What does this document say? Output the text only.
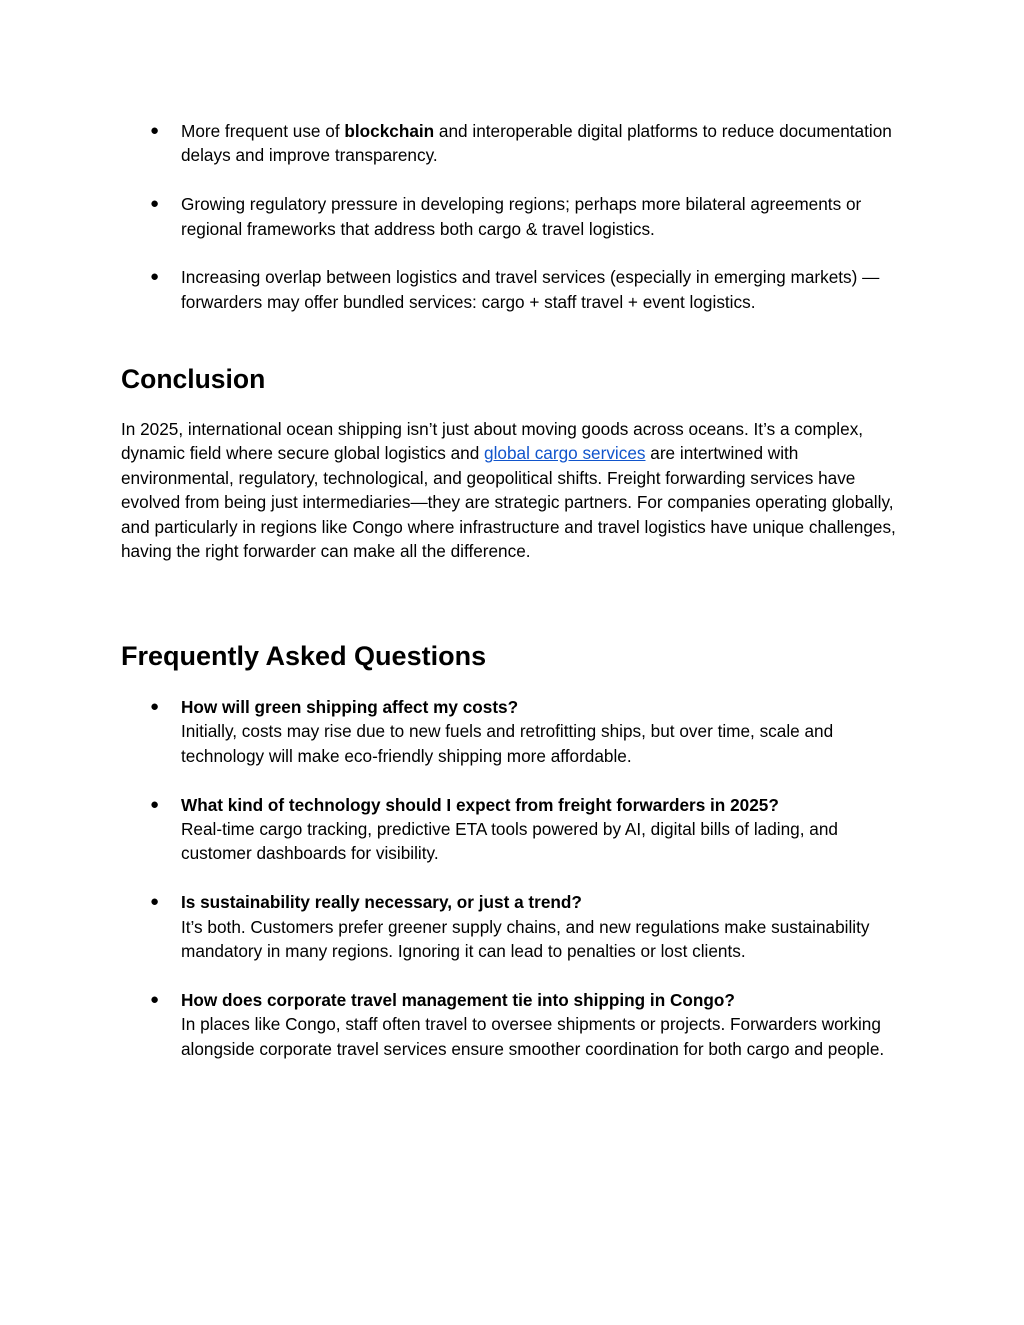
● More frequent use of blockchain and interoperable digital platforms to reduce documentation delays and improve transparency.
● Growing regulatory pressure in developing regions; perhaps more bilateral agreements or regional frameworks that address both cargo & travel logistics.
● Increasing overlap between logistics and travel services (especially in emerging markets) — forwarders may offer bundled services: cargo + staff travel + event logistics.
Conclusion

In 2025, international ocean shipping isn’t just about moving goods across oceans. It’s a complex, dynamic field where secure global logistics and global cargo services are intertwined with environmental, regulatory, technological, and geopolitical shifts. Freight forwarding services have evolved from being just intermediaries—they are strategic partners. For companies operating globally, and particularly in regions like Congo where infrastructure and travel logistics have unique challenges, having the right forwarder can make all the difference.

Frequently Asked Questions
● How will green shipping affect my costs?
Initially, costs may rise due to new fuels and retrofitting ships, but over time, scale and technology will make eco-friendly shipping more affordable.
● What kind of technology should I expect from freight forwarders in 2025?
Real-time cargo tracking, predictive ETA tools powered by AI, digital bills of lading, and customer dashboards for visibility.
● Is sustainability really necessary, or just a trend?
It’s both. Customers prefer greener supply chains, and new regulations make sustainability mandatory in many regions. Ignoring it can lead to penalties or lost clients.
● How does corporate travel management tie into shipping in Congo?
In places like Congo, staff often travel to oversee shipments or projects. Forwarders working alongside corporate travel services ensure smoother coordination for both cargo and people.
